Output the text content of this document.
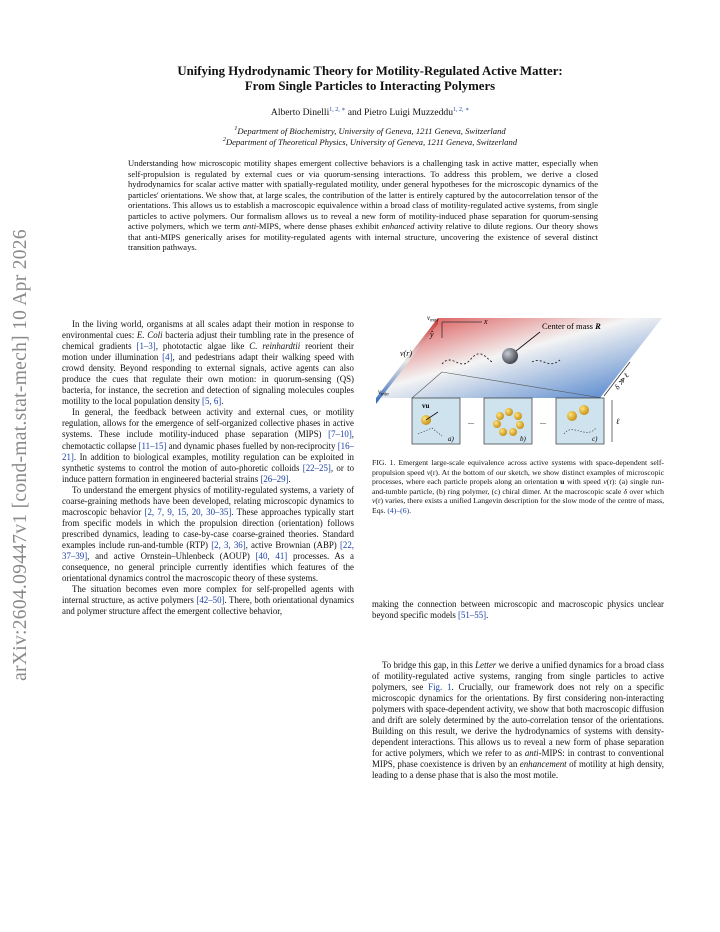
arXiv:2604.09447v1 [cond-mat.stat-mech] 10 Apr 2026
Unifying Hydrodynamic Theory for Motility-Regulated Active Matter:
From Single Particles to Interacting Polymers
Alberto Dinelli$^{1, 2, ∗}$ and Pietro Luigi Muzzeddu$^{1, 2, ∗}$
$^1$Department of Biochemistry, University of Geneva, 1211 Geneva, Switzerland
$^2$Department of Theoretical Physics, University of Geneva, 1211 Geneva, Switzerland
Understanding how microscopic motility shapes emergent collective behaviors is a challenging task in active matter, especially when self-propulsion is regulated by external cues or via quorum-sensing interactions. To address this problem, we derive a closed hydrodynamics for scalar active matter with spatially-regulated motility, under general hypotheses for the microscopic dynamics of the particles' orientations. We show that, at large scales, the contribution of the latter is entirely captured by the autocorrelation tensor of the orientations. This allows us to establish a macroscopic equivalence within a broad class of motility-regulated active systems, from single particles to active polymers. Our formalism allows us to reveal a new form of motility-induced phase separation for quorum-sensing active polymers, which we term anti-MIPS, where dense phases exhibit enhanced activity relative to dilute regions. Our theory shows that anti-MIPS generically arises for motility-regulated agents with internal structure, uncovering the existence of several distinct transition pathways.

In the living world, organisms at all scales adapt their motion in response to environmental cues: E. Coli bacteria adjust their tumbling rate in the presence of chemical gradients [1–3], phototactic algae like C. reinhardtii reorient their motion under illumination [4], and pedestrians adapt their walking speed with crowd density. Beyond responding to external signals, active agents can also produce the cues that regulate their own motion: in quorum-sensing (QS) bacteria, for instance, the secretion and detection of signaling molecules couples motility to the local population density [5, 6].

In general, the feedback between activity and external cues, or motility regulation, allows for the emergence of self-organized collective phases in active systems. These include motility-induced phase separation (MIPS) [7–10], chemotactic collapse [11–15] and dynamic phases fuelled by non-reciprocity [16–21]. In addition to biological examples, motility regulation can be exploited in synthetic systems to control the motion of auto-phoretic colloids [22–25], or to induce pattern formation in engineered bacterial strains [26–29].

To understand the emergent physics of motility-regulated systems, a variety of coarse-graining methods have been developed, relating microscopic dynamics to macroscopic behavior [2, 7, 9, 15, 20, 30–35]. These approaches typically start from specific models in which the propulsion direction (orientation) follows prescribed dynamics, leading to case-by-case coarse-grained theories. Standard examples include run-and-tumble (RTP) [2, 3, 36], active Brownian (ABP) [22, 37–39], and active Ornstein–Uhlenbeck (AOUP) [40, 41] processes. As a consequence, no general principle currently identifies which features of the orientational dynamics control the macroscopic theory of these systems.

The situation becomes even more complex for self-propelled agents with internal structure, as active polymers [42–50]. There, both orientational dynamics and polymer structure affect the emergent collective behavior,

x
ŷ
$v_{max}$
$v_{min}$
v(r)
Center of mass R
δ ≫ ℓ
vu
a)
...
b)
...
c)
ℓ
FIG. 1. Emergent large-scale equivalence across active systems with space-dependent self-propulsion speed v(r). At the bottom of our sketch, we show distinct examples of microscopic processes, where each particle propels along an orientation u with speed v(r): (a) single run-and-tumble particle, (b) ring polymer, (c) chiral dimer. At the macroscopic scale δ over which v(r) varies, there exists a unified Langevin description for the slow mode of the centre of mass, Eqs. (4)–(6).
making the connection between microscopic and macroscopic physics unclear beyond specific models [51–55].

To bridge this gap, in this Letter we derive a unified dynamics for a broad class of motility-regulated active systems, ranging from single particles to active polymers, see Fig. 1. Crucially, our framework does not rely on a specific microscopic dynamics for the orientations. By first considering non-interacting polymers with space-dependent activity, we show that both macroscopic diffusion and drift are solely determined by the auto-correlation tensor of the orientations. Building on this result, we derive the hydrodynamics of systems with density-dependent interactions. This allows us to reveal a new form of phase separation for active polymers, which we refer to as anti-MIPS: in contrast to conventional MIPS, phase coexistence is driven by an enhancement of motility at high density, leading to a dense phase that is also the most motile.
